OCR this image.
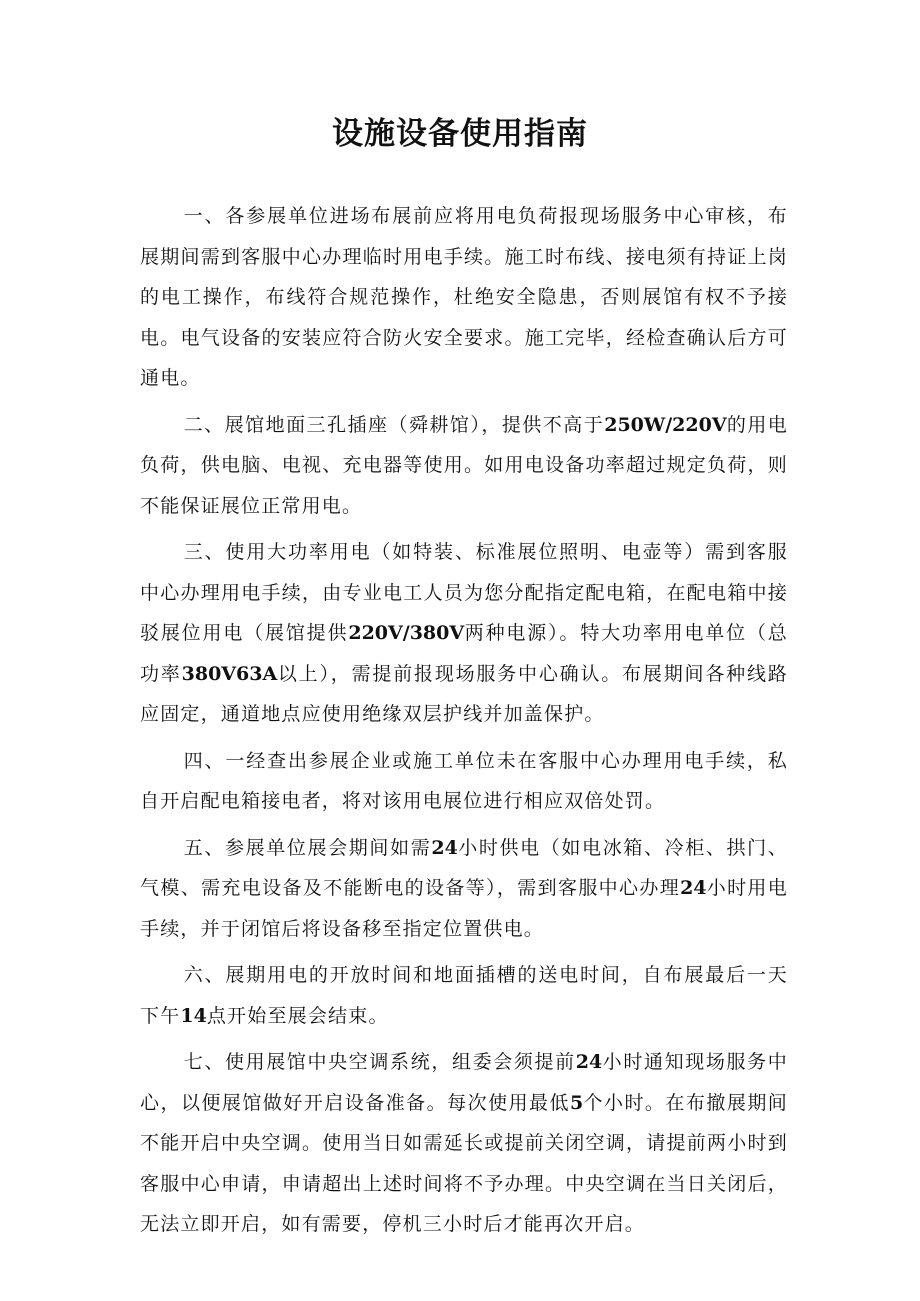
设施设备使用指南

一、各参展单位进场布展前应将用电负荷报现场服务中心审核，布展期间需到客服中心办理临时用电手续。施工时布线、接电须有持证上岗的电工操作，布线符合规范操作，杜绝安全隐患，否则展馆有权不予接电。电气设备的安装应符合防火安全要求。施工完毕，经检查确认后方可通电。

二、展馆地面三孔插座（舜耕馆），提供不高于250W/220V的用电负荷，供电脑、电视、充电器等使用。如用电设备功率超过规定负荷，则不能保证展位正常用电。

三、使用大功率用电（如特装、标准展位照明、电壶等）需到客服中心办理用电手续，由专业电工人员为您分配指定配电箱，在配电箱中接驳展位用电（展馆提供220V/380V两种电源）。特大功率用电单位（总功率380V63A以上），需提前报现场服务中心确认。布展期间各种线路应固定，通道地点应使用绝缘双层护线并加盖保护。

四、一经查出参展企业或施工单位未在客服中心办理用电手续，私自开启配电箱接电者，将对该用电展位进行相应双倍处罚。

五、参展单位展会期间如需24小时供电（如电冰箱、冷柜、拱门、气模、需充电设备及不能断电的设备等），需到客服中心办理24小时用电手续，并于闭馆后将设备移至指定位置供电。

六、展期用电的开放时间和地面插槽的送电时间，自布展最后一天下午14点开始至展会结束。

七、使用展馆中央空调系统，组委会须提前24小时通知现场服务中心，以便展馆做好开启设备准备。每次使用最低5个小时。在布撤展期间不能开启中央空调。使用当日如需延长或提前关闭空调，请提前两小时到客服中心申请，申请超出上述时间将不予办理。中央空调在当日关闭后，无法立即开启，如有需要，停机三小时后才能再次开启。
